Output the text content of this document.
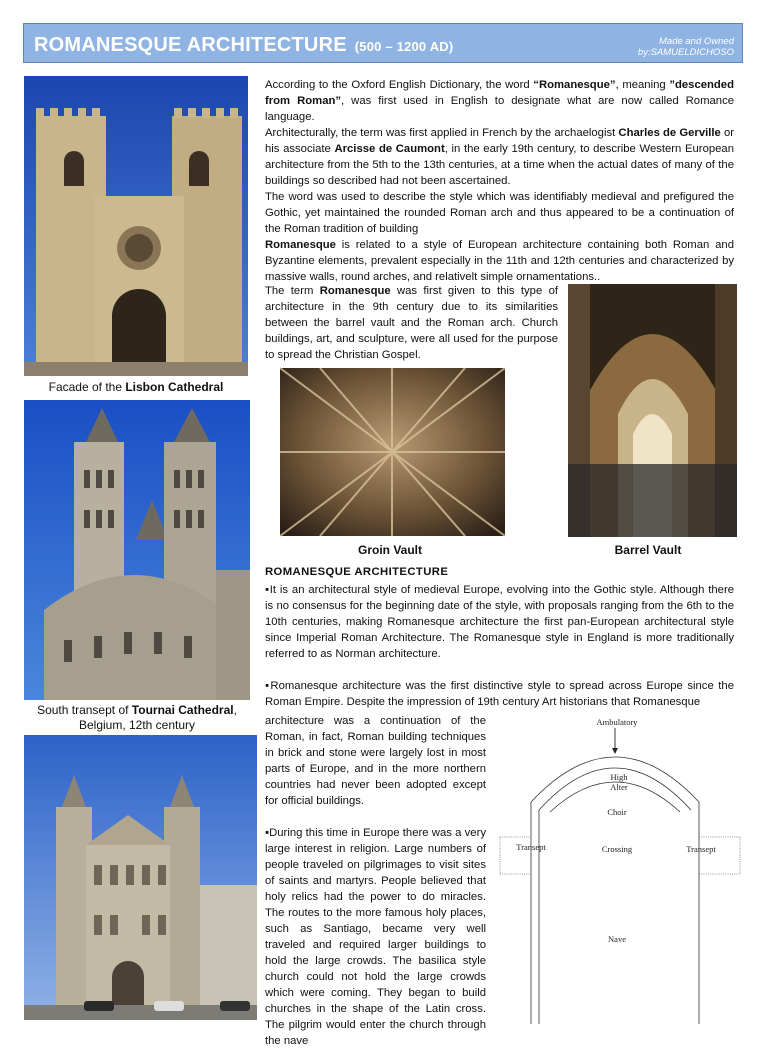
ROMANESQUE ARCHITECTURE (500 – 1200 AD)	Made and Owned
by:SAMUELDICHOSO
Facade of the Lisbon Cathedral
South transept of Tournai Cathedral,
Belgium, 12th century

According to the Oxford English Dictionary, the word “Romanesque”, meaning ”descended from Roman”, was first used in English to designate what are now called Romance language.

Architecturally, the term was first applied in French by the archaelogist Charles de Gerville or his associate Arcisse de Caumont, in the early 19th century, to describe Western European architecture from the 5th to the 13th centuries, at a time when the actual dates of many of the buildings so described had not been ascertained.

The word was used to describe the style which was identifiably medieval and prefigured the Gothic, yet maintained the rounded Roman arch and thus appeared to be a continuation of the Roman tradition of building

Romanesque is related to a style of European architecture containing both Roman and Byzantine elements, prevalent especially in the 11th and 12th centuries and characterized by massive walls, round arches, and relativelt simple ornamentations..

The term Romanesque was first given to this type of architecture in the 9th century due to its similarities between the barrel vault and the Roman arch. Church buildings, art, and sculpture, were all used for the purpose to spread the Christian Gospel.
Groin Vault	Barrel Vault
ROMANESQUE ARCHITECTURE
▪It is an architectural style of medieval Europe, evolving into the Gothic style. Although there is no consensus for the beginning date of the style, with proposals ranging from the 6th to the 10th centuries, making Romanesque architecture the first pan-European architectural style since Imperial Roman Architecture. The Romanesque style in England is more traditionally referred to as Norman architecture.
▪Romanesque architecture was the first distinctive style to spread across Europe since the Roman Empire. Despite the impression of 19th century Art historians that Romanesque
architecture was a continuation of the Roman, in fact, Roman building techniques in brick and stone were largely lost in most parts of Europe, and in the more northern countries had never been adopted except for official buildings.
▪During this time in Europe there was a very large interest in religion. Large numbers of people traveled on pilgrimages to visit sites of saints and martyrs. People believed that holy relics had the power to do miracles. The routes to the more famous holy places, such as Santiago, became very well traveled and required larger buildings to hold the large crowds. The basilica style church could not hold the large crowds which were coming. They began to build churches in the shape of the Latin cross. The pilgrim would enter the church through the nave
Ambulatory
High
Alter
Choir
Transept	Crossing	Transept
Nave
